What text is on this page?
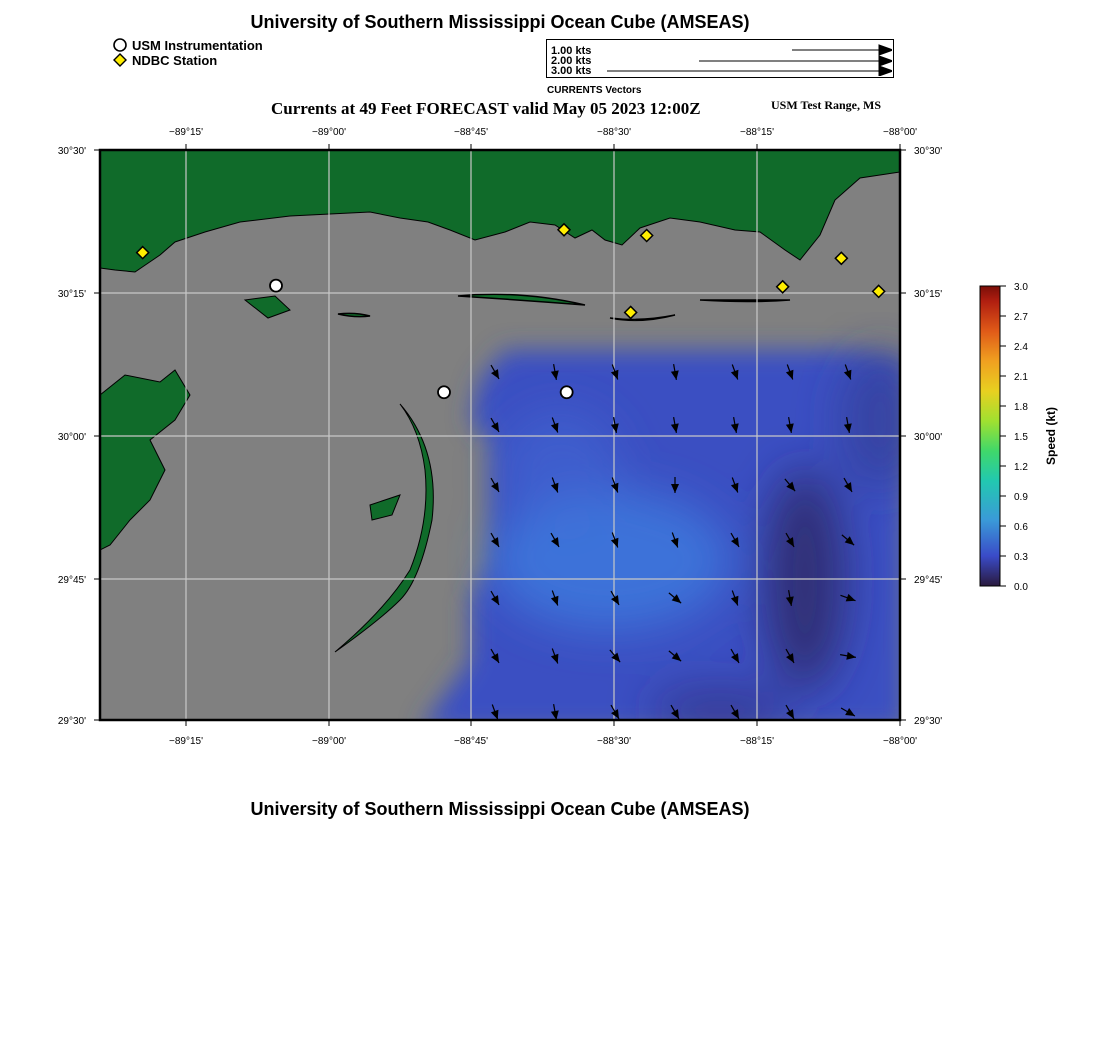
University of Southern Mississippi Ocean Cube (AMSEAS)
USM Instrumentation
NDBC Station
1.00 kts
2.00 kts
3.00 kts
CURRENTS Vectors
Currents at 49 Feet FORECAST valid May 05 2023 12:00Z	USM Test Range, MS
−89°15'	−89°00'	−88°45'	−88°30'	−88°15'	−88°00'
−89°15'	−89°00'	−88°45'	−88°30'	−88°15'	−88°00'
30°30'
30°15'
30°00'
29°45'
29°30'
30°30'
30°15'
30°00'
29°45'
29°30'
3.0
2.7
2.4
2.1
1.8
1.5
1.2
0.9
0.6
0.3
0.0
Speed (kt)
University of Southern Mississippi Ocean Cube (AMSEAS)
